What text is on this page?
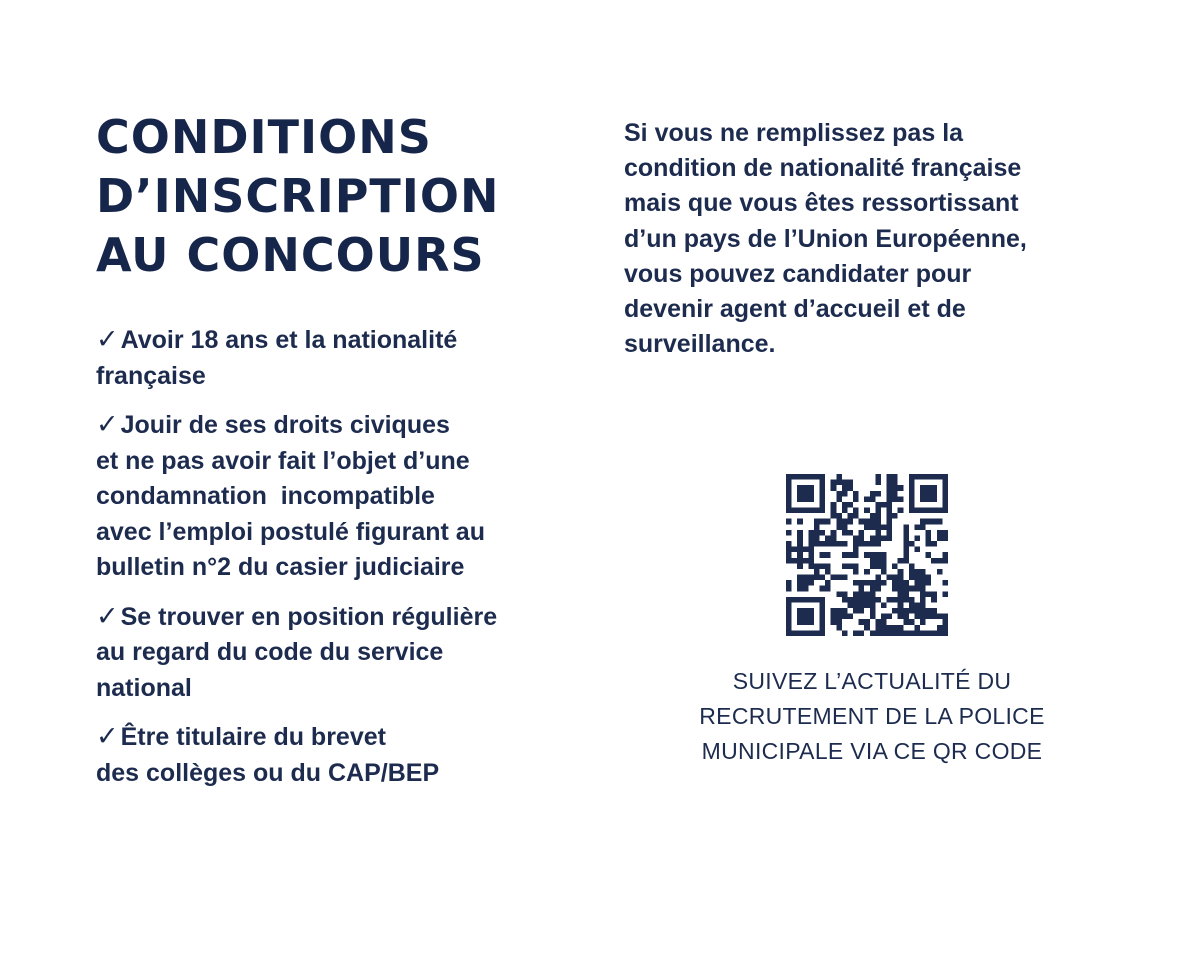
CONDITIONS
D’INSCRIPTION
AU CONCOURS
✓Avoir 18 ans et la nationalité
française
✓Jouir de ses droits civiques
et ne pas avoir fait l’objet d’une
condamnation  incompatible
avec l’emploi postulé figurant au
bulletin n°2 du casier judiciaire
✓Se trouver en position régulière
au regard du code du service
national
✓Être titulaire du brevet
des collèges ou du CAP/BEP

Si vous ne remplissez pas la
condition de nationalité française
mais que vous êtes ressortissant
d’un pays de l’Union Européenne,
vous pouvez candidater pour
devenir agent d’accueil et de
surveillance.

SUIVEZ L’ACTUALITÉ DU
RECRUTEMENT DE LA POLICE
MUNICIPALE VIA CE QR CODE
